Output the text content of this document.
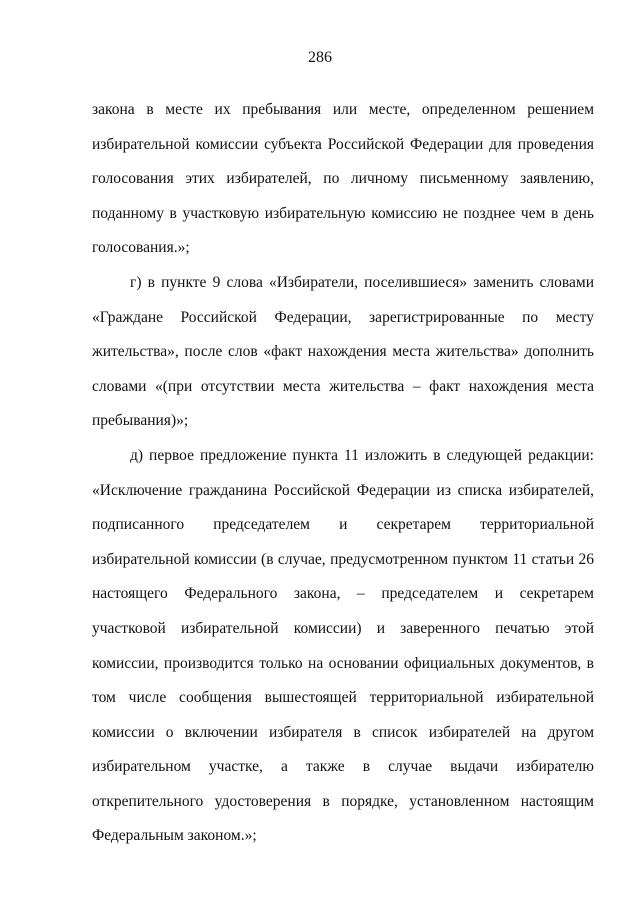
286

закона в месте их пребывания или месте, определенном решением избирательной комиссии субъекта Российской Федерации для проведения голосования этих избирателей, по личному письменному заявлению, поданному в участковую избирательную комиссию не позднее чем в день голосования.»;

г) в пункте 9 слова «Избиратели, поселившиеся» заменить словами «Граждане Российской Федерации, зарегистрированные по месту жительства», после слов «факт нахождения места жительства» дополнить словами «(при отсутствии места жительства – факт нахождения места пребывания)»;

д) первое предложение пункта 11 изложить в следующей редакции: «Исключение гражданина Российской Федерации из списка избирателей, подписанного председателем и секретарем территориальной избирательной комиссии (в случае, предусмотренном пунктом 11 статьи 26 настоящего Федерального закона, – председателем и секретарем участковой избирательной комиссии) и заверенного печатью этой комиссии, производится только на основании официальных документов, в том числе сообщения вышестоящей территориальной избирательной комиссии о включении избирателя в список избирателей на другом избирательном участке, а также в случае выдачи избирателю открепительного удостоверения в порядке, установленном настоящим Федеральным законом.»;
